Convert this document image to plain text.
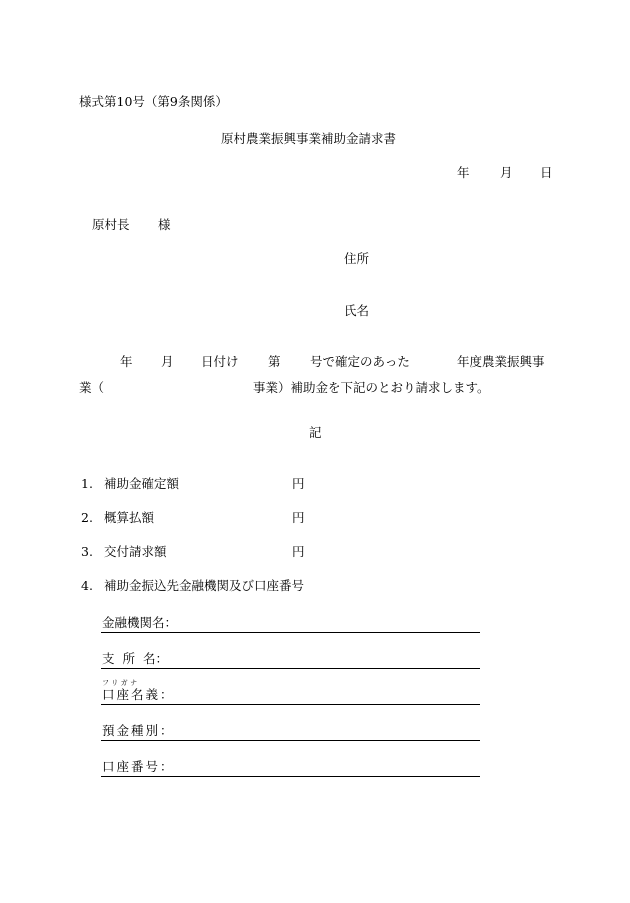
様式第10号（第9条関係）
原村農業振興事業補助金請求書
年 月 日
原村長 様
住所
氏名
年 月 日付け 第 号で確定のあった	年度農業振興事
業（	事業）補助金を下記のとおり請求します。
記
1. 補助金確定額	円
2. 概算払額	円
3. 交付請求額	円
4. 補助金振込先金融機関及び口座番号
金融機関名：
支 所 名：
フリガナ
口座名義：
預金種別：
口座番号：
